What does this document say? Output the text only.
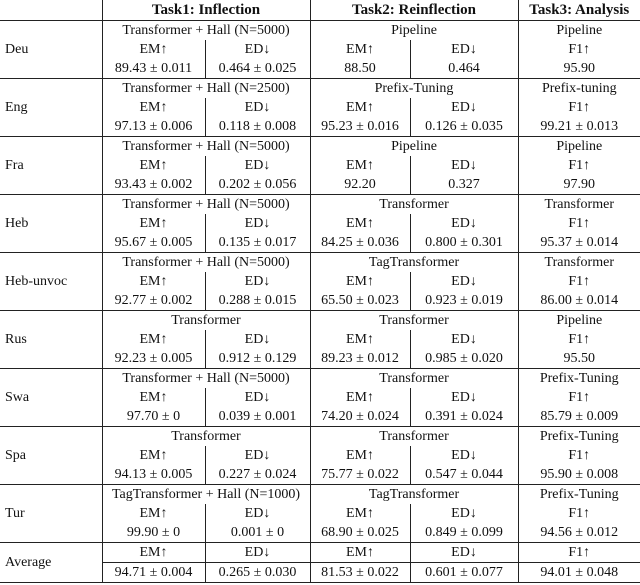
	Task1: Inflection		Task2: Reinflection		Task3: Analysis
Deu	Transformer + Hall (N=5000)		Pipeline		Pipeline
	EM↑	ED↓	EM↑	ED↓	F1↑
	89.43 ± 0.011	0.464 ± 0.025	88.50	0.464	95.90
Eng	Transformer + Hall (N=2500)		Prefix-Tuning		Prefix-tuning
	EM↑	ED↓	EM↑	ED↓	F1↑
	97.13 ± 0.006	0.118 ± 0.008	95.23 ± 0.016	0.126 ± 0.035	99.21 ± 0.013
Fra	Transformer + Hall (N=5000)		Pipeline		Pipeline
	EM↑	ED↓	EM↑	ED↓	F1↑
	93.43 ± 0.002	0.202 ± 0.056	92.20	0.327	97.90
Heb	Transformer + Hall (N=5000)		Transformer		Transformer
	EM↑	ED↓	EM↑	ED↓	F1↑
	95.67 ± 0.005	0.135 ± 0.017	84.25 ± 0.036	0.800 ± 0.301	95.37 ± 0.014
Heb-unvoc	Transformer + Hall (N=5000)		TagTransformer		Transformer
	EM↑	ED↓	EM↑	ED↓	F1↑
	92.77 ± 0.002	0.288 ± 0.015	65.50 ± 0.023	0.923 ± 0.019	86.00 ± 0.014
Rus	Transformer		Transformer		Pipeline
	EM↑	ED↓	EM↑	ED↓	F1↑
	92.23 ± 0.005	0.912 ± 0.129	89.23 ± 0.012	0.985 ± 0.020	95.50
Swa	Transformer + Hall (N=5000)		Transformer		Prefix-Tuning
	EM↑	ED↓	EM↑	ED↓	F1↑
	97.70 ± 0	0.039 ± 0.001	74.20 ± 0.024	0.391 ± 0.024	85.79 ± 0.009
Spa	Transformer		Transformer		Prefix-Tuning
	EM↑	ED↓	EM↑	ED↓	F1↑
	94.13 ± 0.005	0.227 ± 0.024	75.77 ± 0.022	0.547 ± 0.044	95.90 ± 0.008
Tur	TagTransformer + Hall (N=1000)		TagTransformer		Prefix-Tuning
	EM↑	ED↓	EM↑	ED↓	F1↑
	99.90 ± 0	0.001 ± 0	68.90 ± 0.025	0.849 ± 0.099	94.56 ± 0.012
Average	EM↑	ED↓	EM↑	ED↓	F1↑
	94.71 ± 0.004	0.265 ± 0.030	81.53 ± 0.022	0.601 ± 0.077	94.01 ± 0.048
